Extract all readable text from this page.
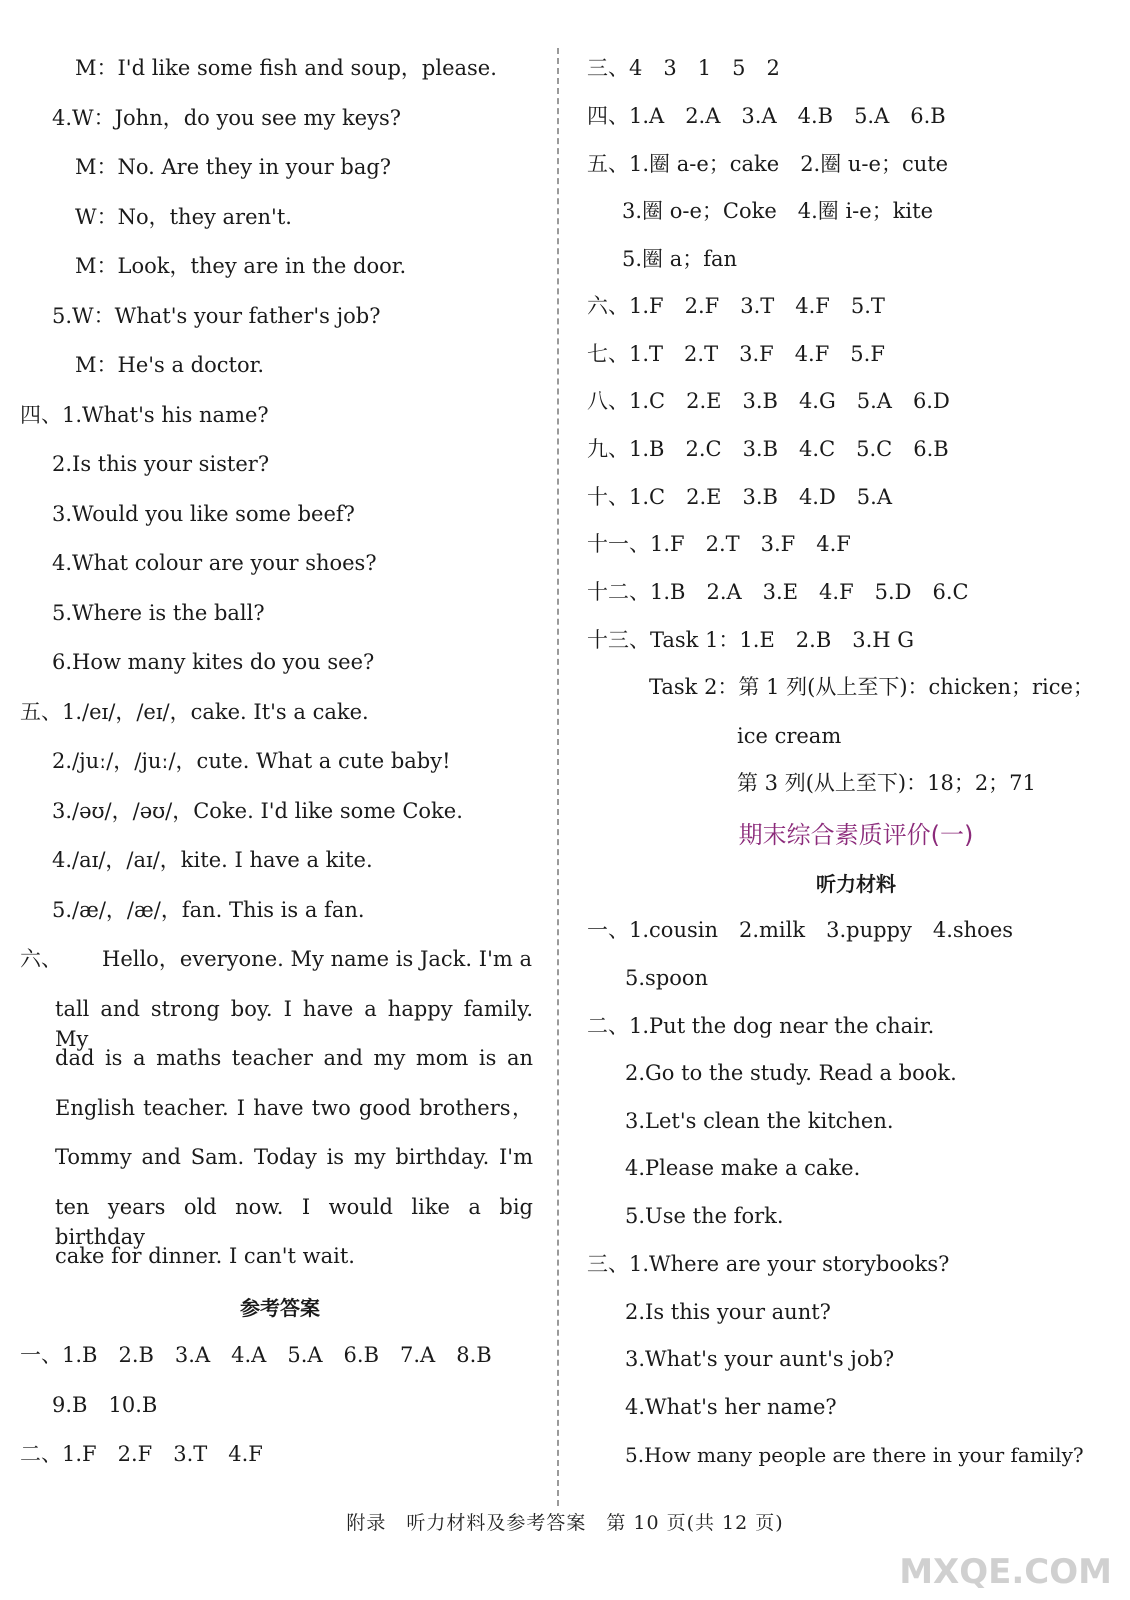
M：I'd like some fish and soup，please.
4.W：John，do you see my keys?
M：No. Are they in your bag?
W：No，they aren't.
M：Look，they are in the door.
5.W：What's your father's job?
M：He's a doctor.
四、1.What's his name?
2.Is this your sister?
3.Would you like some beef?
4.What colour are your shoes?
5.Where is the ball?
6.How many kites do you see?
五、1./eɪ/，/eɪ/，cake. It's a cake.
2./juː/，/juː/，cute. What a cute baby!
3./əʊ/，/əʊ/，Coke. I'd like some Coke.
4./aɪ/，/aɪ/，kite. I have a kite.
5./æ/，/æ/，fan. This is a fan.
六、 Hello，everyone. My name is Jack. I'm a
tall and strong boy. I have a happy family. My
dad is a maths teacher and my mom is an
English teacher. I have two good brothers，
Tommy and Sam. Today is my birthday. I'm
ten years old now. I would like a big birthday
cake for dinner. I can't wait.
参考答案
一、1.B　2.B　3.A　4.A　5.A　6.B　7.A　8.B
9.B　10.B
二、1.F　2.F　3.T　4.F
三、4　3　1　5　2
四、1.A　2.A　3.A　4.B　5.A　6.B
五、1.圈 a-e；cake　2.圈 u-e；cute
3.圈 o-e；Coke　4.圈 i-e；kite
5.圈 a；fan
六、1.F　2.F　3.T　4.F　5.T
七、1.T　2.T　3.F　4.F　5.F
八、1.C　2.E　3.B　4.G　5.A　6.D
九、1.B　2.C　3.B　4.C　5.C　6.B
十、1.C　2.E　3.B　4.D　5.A
十一、1.F　2.T　3.F　4.F
十二、1.B　2.A　3.E　4.F　5.D　6.C
十三、Task 1：1.E　2.B　3.H G
Task 2：第 1 列(从上至下)：chicken；rice；
ice cream
第 3 列(从上至下)：18；2；71
期末综合素质评价(一)
听力材料
一、1.cousin　2.milk　3.puppy　4.shoes
5.spoon
二、1.Put the dog near the chair.
2.Go to the study. Read a book.
3.Let's clean the kitchen.
4.Please make a cake.
5.Use the fork.
三、1.Where are your storybooks?
2.Is this your aunt?
3.What's your aunt's job?
4.What's her name?
5.How many people are there in your family?
附录　听力材料及参考答案　第 10 页(共 12 页)
MXQE.COM
